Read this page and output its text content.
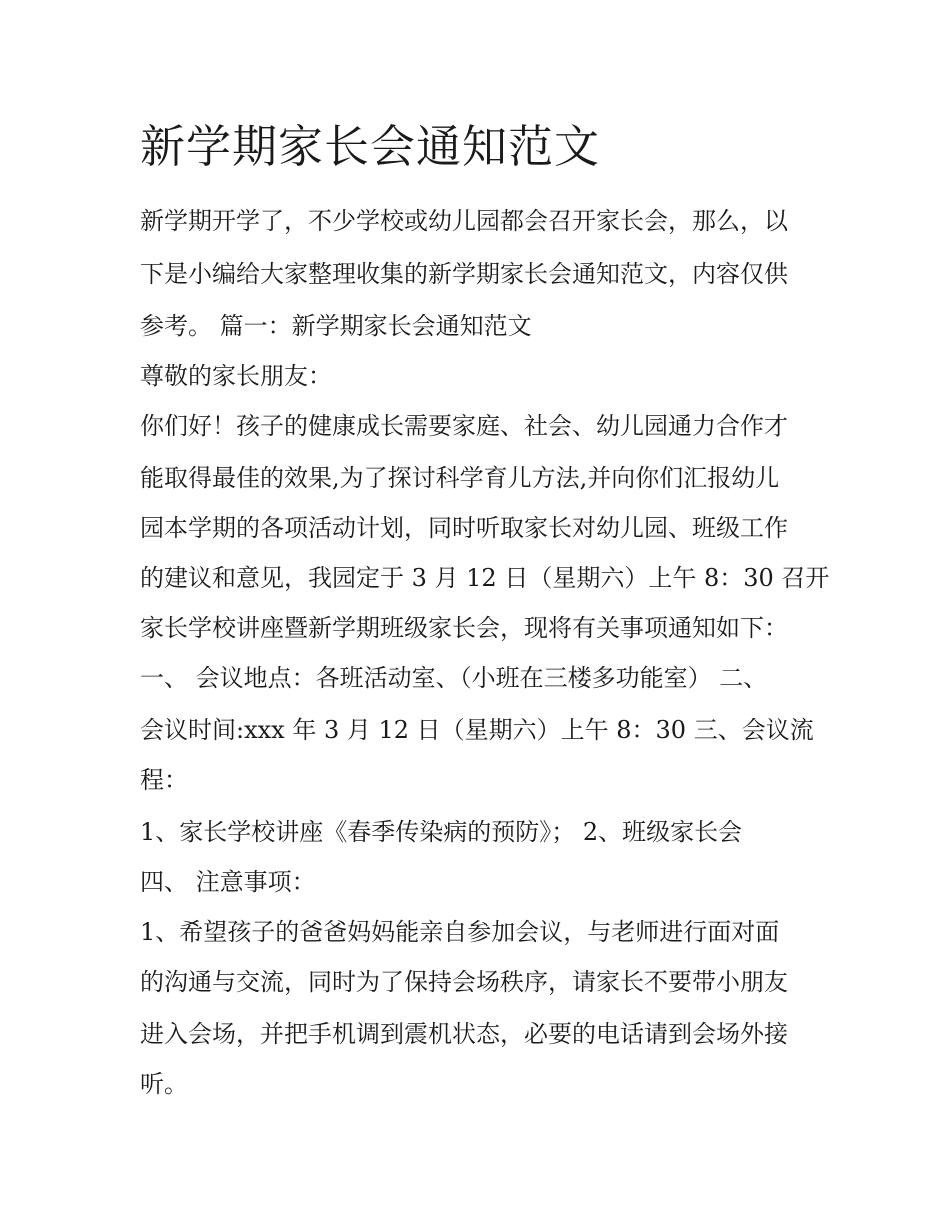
新学期家长会通知范文

新学期开学了，不少学校或幼儿园都会召开家长会，那么，以

下是小编给大家整理收集的新学期家长会通知范文，内容仅供

参考。 篇一：新学期家长会通知范文

尊敬的家长朋友：

你们好！孩子的健康成长需要家庭、社会、幼儿园通力合作才

能取得最佳的效果,为了探讨科学育儿方法,并向你们汇报幼儿

园本学期的各项活动计划，同时听取家长对幼儿园、班级工作

的建议和意见，我园定于 3 月 12 日（星期六）上午 8：30 召开

家长学校讲座暨新学期班级家长会，现将有关事项通知如下：

一、 会议地点：各班活动室、（小班在三楼多功能室） 二、

会议时间:xxx 年 3 月 12 日（星期六）上午 8：30 三、会议流

程：

1、家长学校讲座《春季传染病的预防》； 2、班级家长会

四、 注意事项：

1、希望孩子的爸爸妈妈能亲自参加会议，与老师进行面对面

的沟通与交流，同时为了保持会场秩序，请家长不要带小朋友

进入会场，并把手机调到震机状态，必要的电话请到会场外接

听。
